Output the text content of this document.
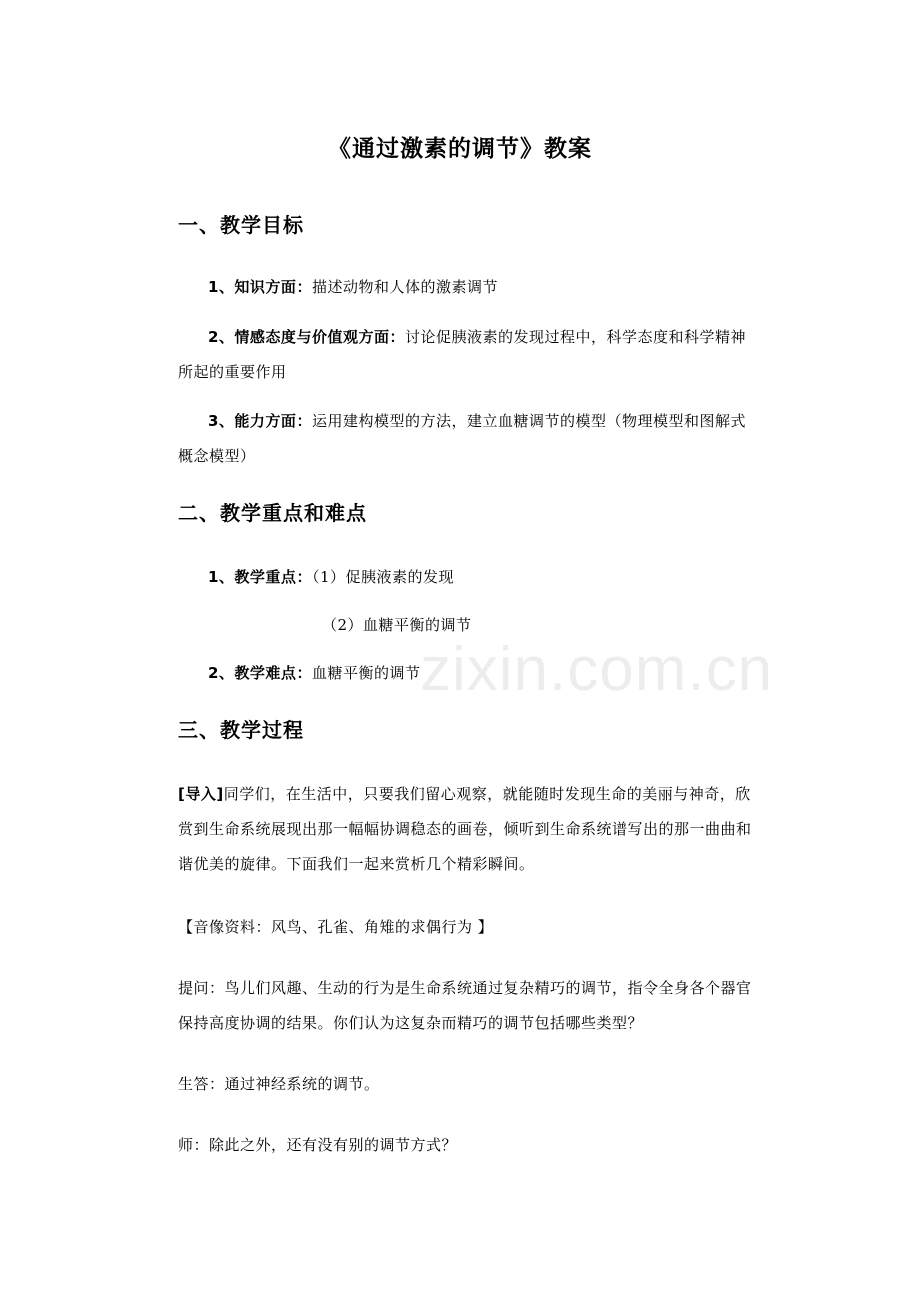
《通过激素的调节》教案
一、教学目标
1、知识方面：描述动物和人体的激素调节
2、情感态度与价值观方面：讨论促胰液素的发现过程中，科学态度和科学精神
所起的重要作用
3、能力方面：运用建构模型的方法，建立血糖调节的模型（物理模型和图解式
概念模型）
二、教学重点和难点
1、教学重点：（1）促胰液素的发现
（2）血糖平衡的调节
2、教学难点：血糖平衡的调节
三、教学过程
[导入]同学们，在生活中，只要我们留心观察，就能随时发现生命的美丽与神奇，欣
赏到生命系统展现出那一幅幅协调稳态的画卷，倾听到生命系统谱写出的那一曲曲和
谐优美的旋律。下面我们一起来赏析几个精彩瞬间。
【音像资料：风鸟、孔雀、角雉的求偶行为 】
提问：鸟儿们风趣、生动的行为是生命系统通过复杂精巧的调节，指令全身各个器官
保持高度协调的结果。你们认为这复杂而精巧的调节包括哪些类型？
生答：通过神经系统的调节。
师：除此之外，还有没有别的调节方式？
zixin.com.cn
